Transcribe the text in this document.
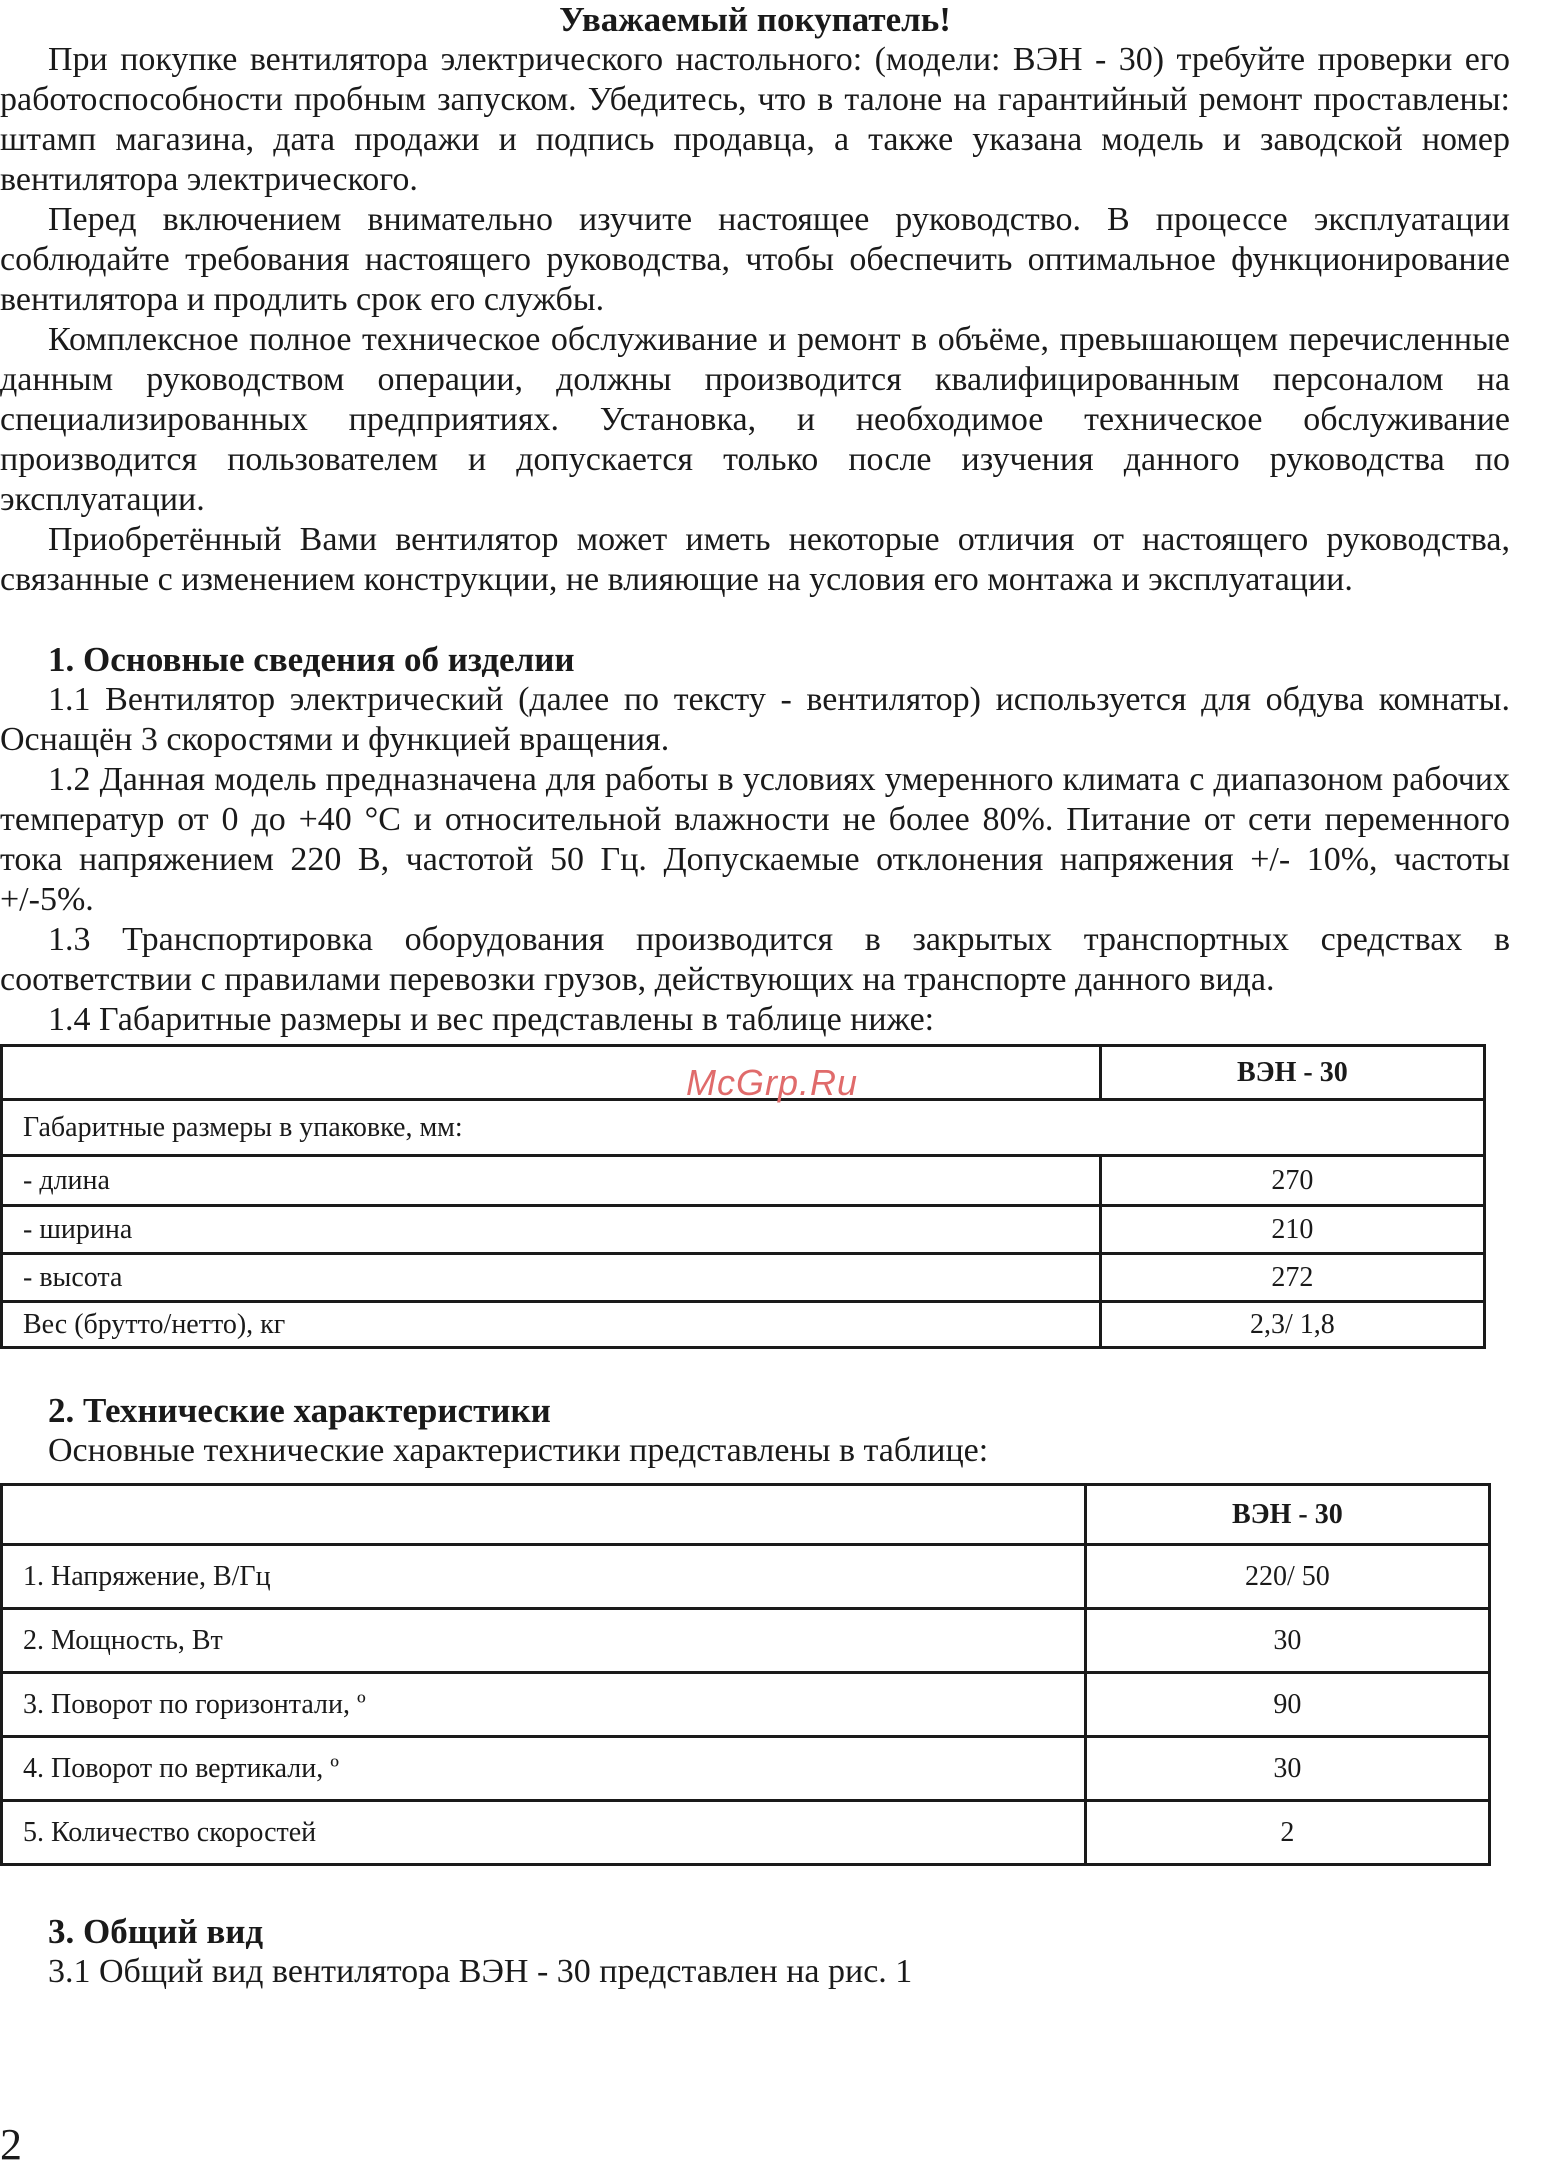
Уважаемый покупатель!

При покупке вентилятора электрического настольного: (модели: ВЭН - 30) требуйте проверки его работоспособности пробным запуском. Убедитесь, что в талоне на гарантийный ремонт проставлены: штамп магазина, дата продажи и подпись продавца, а также указана модель и заводской номер вентилятора электрического.

Перед включением внимательно изучите настоящее руководство. В процессе эксплуатации соблюдайте требования настоящего руководства, чтобы обеспечить оптимальное функционирование вентилятора и продлить срок его службы.

Комплексное полное техническое обслуживание и ремонт в объёме, превышающем перечисленные данным руководством операции, должны производится квалифицированным персоналом на специализированных предприятиях. Установка, и необходимое техническое обслуживание производится пользователем и допускается только после изучения данного руководства по эксплуатации.

Приобретённый Вами вентилятор может иметь некоторые отличия от настоящего руководства, связанные с изменением конструкции, не влияющие на условия его монтажа и эксплуатации.

1. Основные сведения об изделии

1.1 Вентилятор электрический (далее по тексту - вентилятор) используется для обдува комнаты. Оснащён 3 скоростями и функцией вращения.

1.2 Данная модель предназначена для работы в условиях умеренного климата с диапазоном рабочих температур от 0 до +40 °С и относительной влажности не более 80%. Питание от сети переменного тока напряжением 220 В, частотой 50 Гц. Допускаемые отклонения напряжения +/- 10%, частоты +/-5%.

1.3 Транспортировка оборудования производится в закрытых транспортных средствах в соответствии с правилами перевозки грузов, действующих на транспорте данного вида.

1.4 Габаритные размеры и вес представлены в таблице ниже:

	ВЭН - 30
Габаритные размеры в упаковке, мм:	
- длина	270
- ширина	210
- высота	272
Вес (брутто/нетто), кг	2,3/ 1,8

2. Технические характеристики

Основные технические характеристики представлены в таблице:

	ВЭН - 30
1. Напряжение, В/Гц	220/ 50
2. Мощность, Вт	30
3. Поворот по горизонтали, º	90
4. Поворот по вертикали, º	30
5. Количество скоростей	2

3. Общий вид

3.1 Общий вид вентилятора ВЭН - 30 представлен на рис. 1

McGrp.Ru
2
